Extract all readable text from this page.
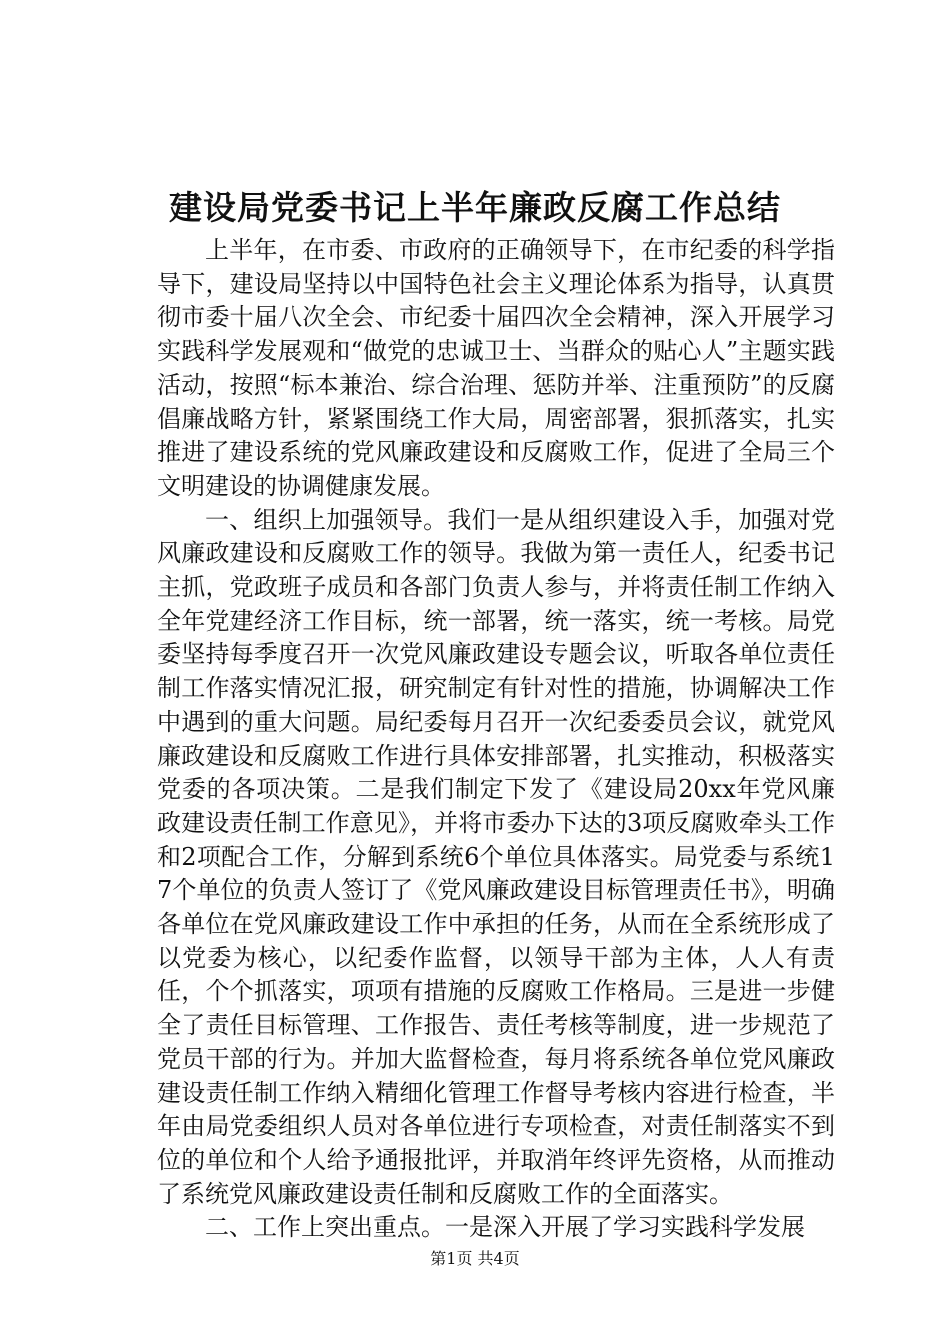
建设局党委书记上半年廉政反腐工作总结

上半年，在市委、市政府的正确领导下，在市纪委的科学指导下，建设局坚持以中国特色社会主义理论体系为指导，认真贯彻市委十届八次全会、市纪委十届四次全会精神，深入开展学习实践科学发展观和“做党的忠诚卫士、当群众的贴心人”主题实践活动，按照“标本兼治、综合治理、惩防并举、注重预防”的反腐倡廉战略方针，紧紧围绕工作大局，周密部署，狠抓落实，扎实推进了建设系统的党风廉政建设和反腐败工作，促进了全局三个文明建设的协调健康发展。

一、组织上加强领导。我们一是从组织建设入手，加强对党风廉政建设和反腐败工作的领导。我做为第一责任人，纪委书记主抓，党政班子成员和各部门负责人参与，并将责任制工作纳入全年党建经济工作目标，统一部署，统一落实，统一考核。局党委坚持每季度召开一次党风廉政建设专题会议，听取各单位责任制工作落实情况汇报，研究制定有针对性的措施，协调解决工作中遇到的重大问题。局纪委每月召开一次纪委委员会议，就党风廉政建设和反腐败工作进行具体安排部署，扎实推动，积极落实党委的各项决策。二是我们制定下发了《建设局20xx年党风廉政建设责任制工作意见》，并将市委办下达的3项反腐败牵头工作和2项配合工作，分解到系统6个单位具体落实。局党委与系统17个单位的负责人签订了《党风廉政建设目标管理责任书》，明确各单位在党风廉政建设工作中承担的任务，从而在全系统形成了以党委为核心，以纪委作监督，以领导干部为主体，人人有责任，个个抓落实，项项有措施的反腐败工作格局。三是进一步健全了责任目标管理、工作报告、责任考核等制度，进一步规范了党员干部的行为。并加大监督检查，每月将系统各单位党风廉政建设责任制工作纳入精细化管理工作督导考核内容进行检查，半年由局党委组织人员对各单位进行专项检查，对责任制落实不到位的单位和个人给予通报批评，并取消年终评先资格，从而推动了系统党风廉政建设责任制和反腐败工作的全面落实。

二、工作上突出重点。一是深入开展了学习实践科学发展

第1页 共4页
